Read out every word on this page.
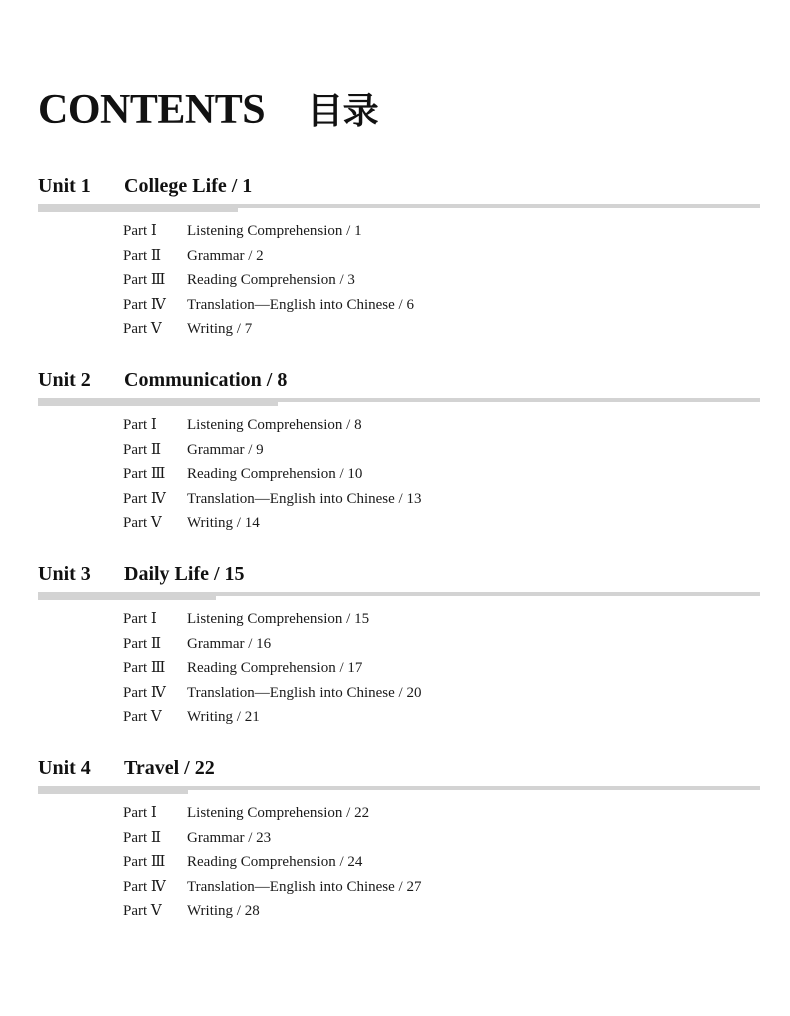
CONTENTS 目录
Unit 1 College Life / 1
Part Ⅰ Listening Comprehension / 1
Part Ⅱ Grammar / 2
Part Ⅲ Reading Comprehension / 3
Part Ⅳ Translation—English into Chinese / 6
Part Ⅴ Writing / 7
Unit 2 Communication / 8
Part Ⅰ Listening Comprehension / 8
Part Ⅱ Grammar / 9
Part Ⅲ Reading Comprehension / 10
Part Ⅳ Translation—English into Chinese / 13
Part Ⅴ Writing / 14
Unit 3 Daily Life / 15
Part Ⅰ Listening Comprehension / 15
Part Ⅱ Grammar / 16
Part Ⅲ Reading Comprehension / 17
Part Ⅳ Translation—English into Chinese / 20
Part Ⅴ Writing / 21
Unit 4 Travel / 22
Part Ⅰ Listening Comprehension / 22
Part Ⅱ Grammar / 23
Part Ⅲ Reading Comprehension / 24
Part Ⅳ Translation—English into Chinese / 27
Part Ⅴ Writing / 28
